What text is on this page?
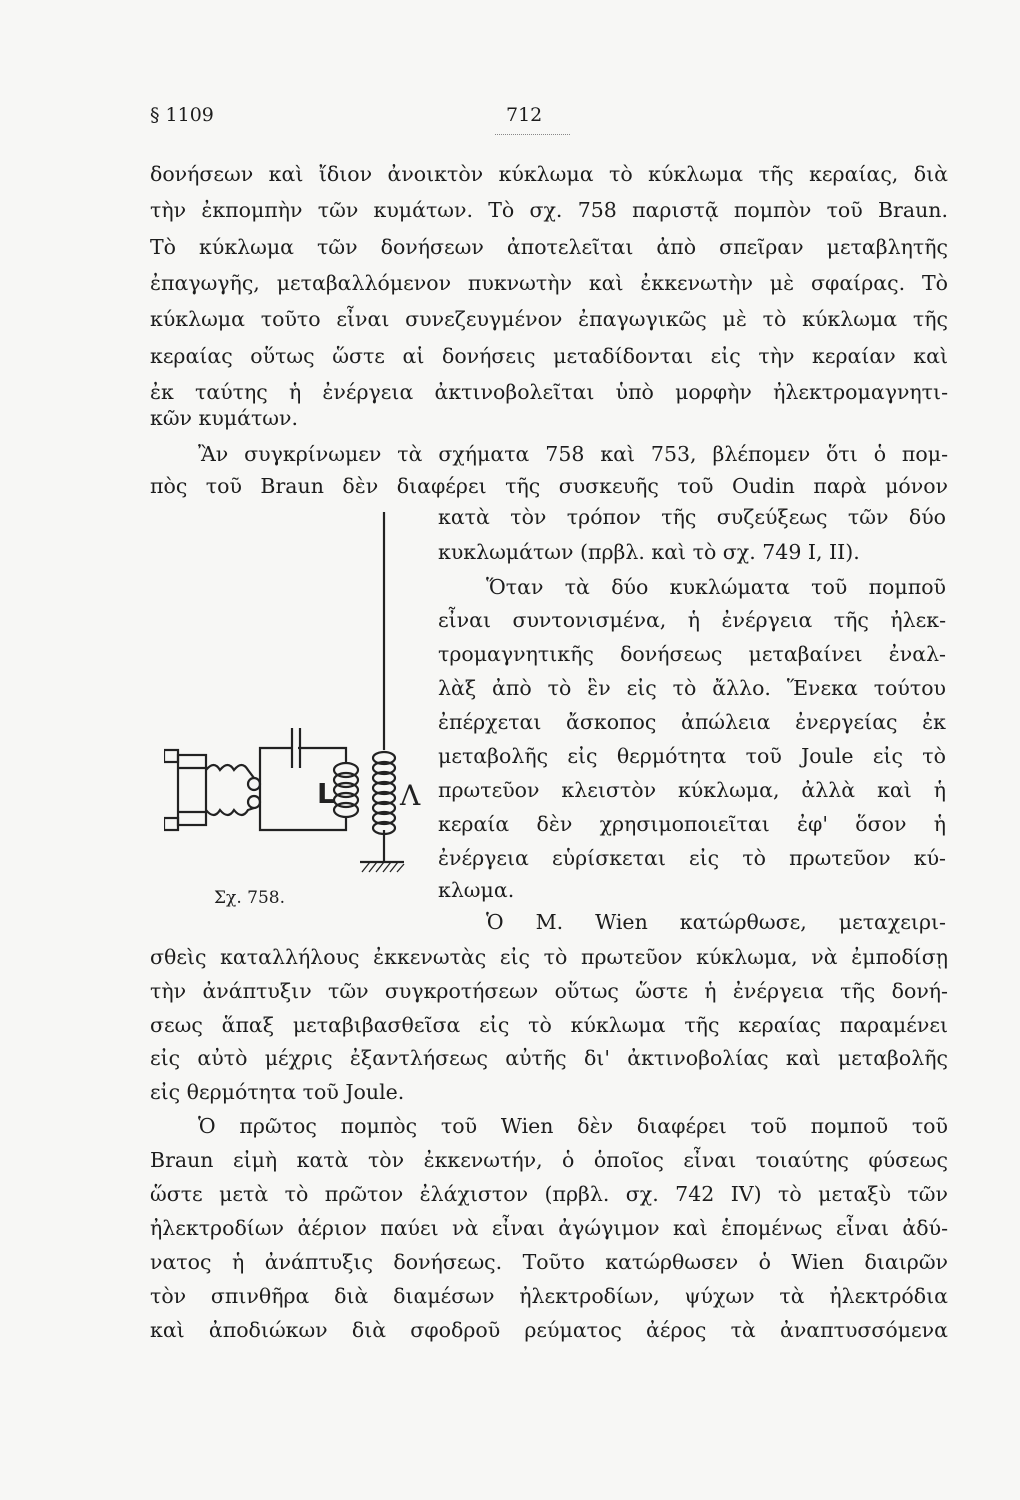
§ 1109	712
δονήσεων καὶ ἴδιον ἀνοικτὸν κύκλωμα τὸ κύκλωμα τῆς κεραίας, διὰ
τὴν ἐκπομπὴν τῶν κυμάτων. Τὸ σχ. 758 παριστᾷ πομπὸν τοῦ Braun.
Τὸ κύκλωμα τῶν δονήσεων ἀποτελεῖται ἀπὸ σπεῖραν μεταβλητῆς
ἐπαγωγῆς, μεταβαλλόμενον πυκνωτὴν καὶ ἐκκενωτὴν μὲ σφαίρας. Τὸ
κύκλωμα τοῦτο εἶναι συνεζευγμένον ἐπαγωγικῶς μὲ τὸ κύκλωμα τῆς
κεραίας οὕτως ὥστε αἱ δονήσεις μεταδίδονται εἰς τὴν κεραίαν καὶ
ἐκ ταύτης ἡ ἐνέργεια ἀκτινοβολεῖται ὑπὸ μορφὴν ἠλεκτρομαγνητι-
κῶν κυμάτων.
Ἂν συγκρίνωμεν τὰ σχήματα 758 καὶ 753, βλέπομεν ὅτι ὁ πομ-
πὸς τοῦ Braun δὲν διαφέρει τῆς συσκευῆς τοῦ Oudin παρὰ μόνον
κατὰ τὸν τρόπον τῆς συζεύξεως τῶν δύο
κυκλωμάτων (πρβλ. καὶ τὸ σχ. 749 I, II).
Ὅταν τὰ δύο κυκλώματα τοῦ πομποῦ
εἶναι συντονισμένα, ἡ ἐνέργεια τῆς ἠλεκ-
τρομαγνητικῆς δονήσεως μεταβαίνει ἐναλ-
λὰξ ἀπὸ τὸ ἓν εἰς τὸ ἄλλο. Ἕνεκα τούτου
ἐπέρχεται ἄσκοπος ἀπώλεια ἐνεργείας ἐκ
μεταβολῆς εἰς θερμότητα τοῦ Joule εἰς τὸ
πρωτεῦον κλειστὸν κύκλωμα, ἀλλὰ καὶ ἡ
κεραία δὲν χρησιμοποιεῖται ἐφ' ὅσον ἡ
ἐνέργεια εὑρίσκεται εἰς τὸ πρωτεῦον κύ-
κλωμα.
Ὁ Μ. Wien κατώρθωσε, μεταχειρι-
σθεὶς καταλλήλους ἐκκενωτὰς εἰς τὸ πρωτεῦον κύκλωμα, νὰ ἐμποδίσῃ
τὴν ἀνάπτυξιν τῶν συγκροτήσεων οὕτως ὥστε ἡ ἐνέργεια τῆς δονή-
σεως ἅπαξ μεταβιβασθεῖσα εἰς τὸ κύκλωμα τῆς κεραίας παραμένει
εἰς αὐτὸ μέχρις ἐξαντλήσεως αὐτῆς δι' ἀκτινοβολίας καὶ μεταβολῆς
εἰς θερμότητα τοῦ Joule.
Ὁ πρῶτος πομπὸς τοῦ Wien δὲν διαφέρει τοῦ πομποῦ τοῦ
Braun εἰμὴ κατὰ τὸν ἐκκενωτήν, ὁ ὁποῖος εἶναι τοιαύτης φύσεως
ὥστε μετὰ τὸ πρῶτον ἐλάχιστον (πρβλ. σχ. 742 IV) τὸ μεταξὺ τῶν
ἠλεκτροδίων ἀέριον παύει νὰ εἶναι ἀγώγιμον καὶ ἑπομένως εἶναι ἀδύ-
νατος ἡ ἀνάπτυξις δονήσεως. Τοῦτο κατώρθωσεν ὁ Wien διαιρῶν
τὸν σπινθῆρα διὰ διαμέσων ἠλεκτροδίων, ψύχων τὰ ἠλεκτρόδια
καὶ ἀποδιώκων διὰ σφοδροῦ ρεύματος ἀέρος τὰ ἀναπτυσσόμενα
L Λ
Σχ. 758.
